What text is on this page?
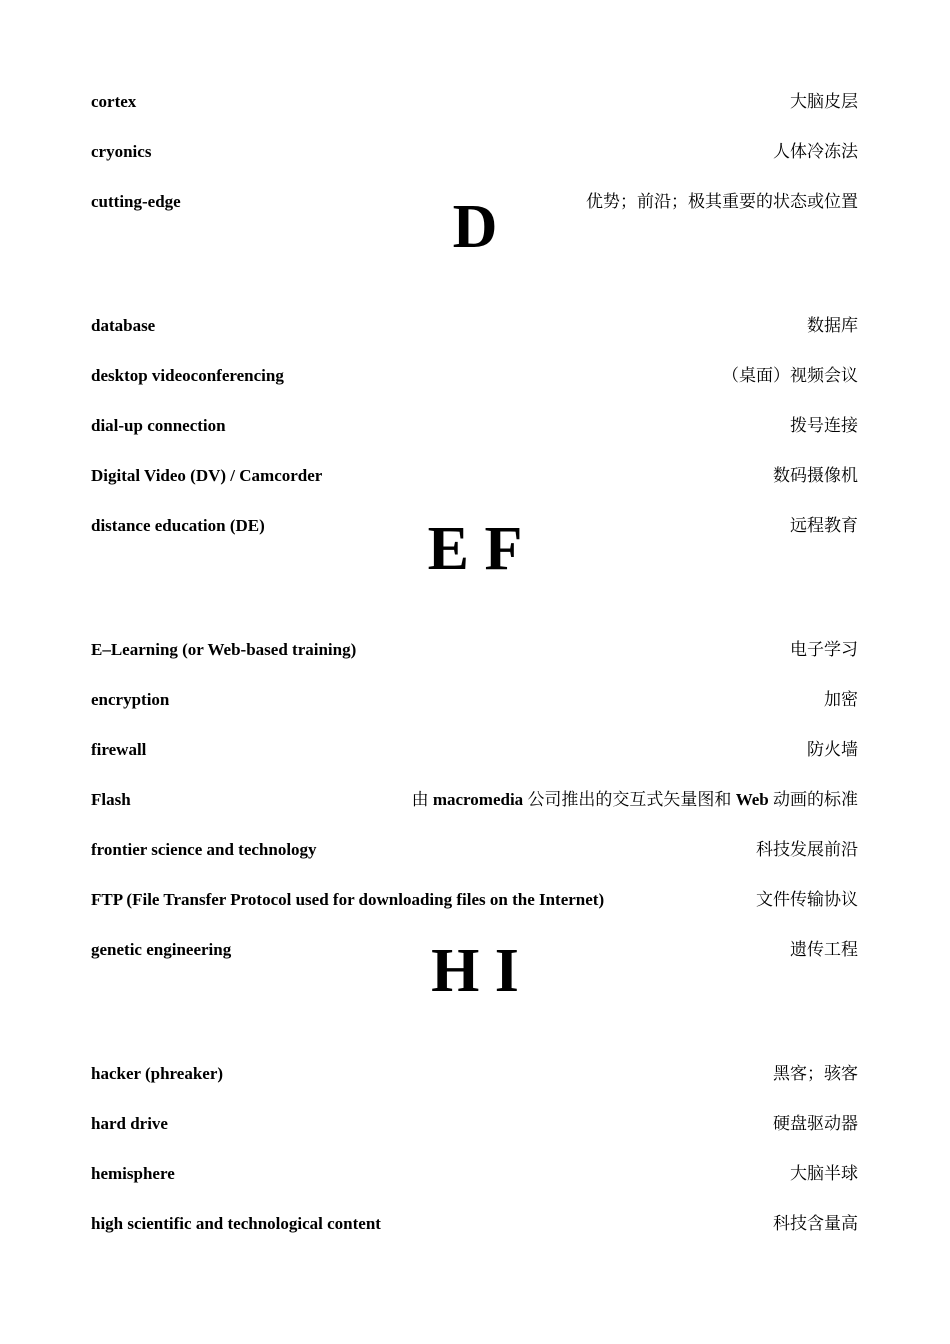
D
E F
H I
cortex	大脑皮层
cryonics	人体冷冻法
cutting-edge	优势；前沿；极其重要的状态或位置
database	数据库
desktop videoconferencing	（桌面）视频会议
dial-up connection	拨号连接
Digital Video (DV) / Camcorder	数码摄像机
distance education (DE)	远程教育
E–Learning (or Web-based training)	电子学习
encryption	加密
firewall	防火墙
Flash	由 macromedia 公司推出的交互式矢量图和 Web 动画的标准
frontier science and technology	科技发展前沿
FTP (File Transfer Protocol used for downloading files on the Internet)	文件传输协议
genetic engineering	遗传工程
hacker (phreaker)	黑客；骇客
hard drive	硬盘驱动器
hemisphere	大脑半球
high scientific and technological content	科技含量高
